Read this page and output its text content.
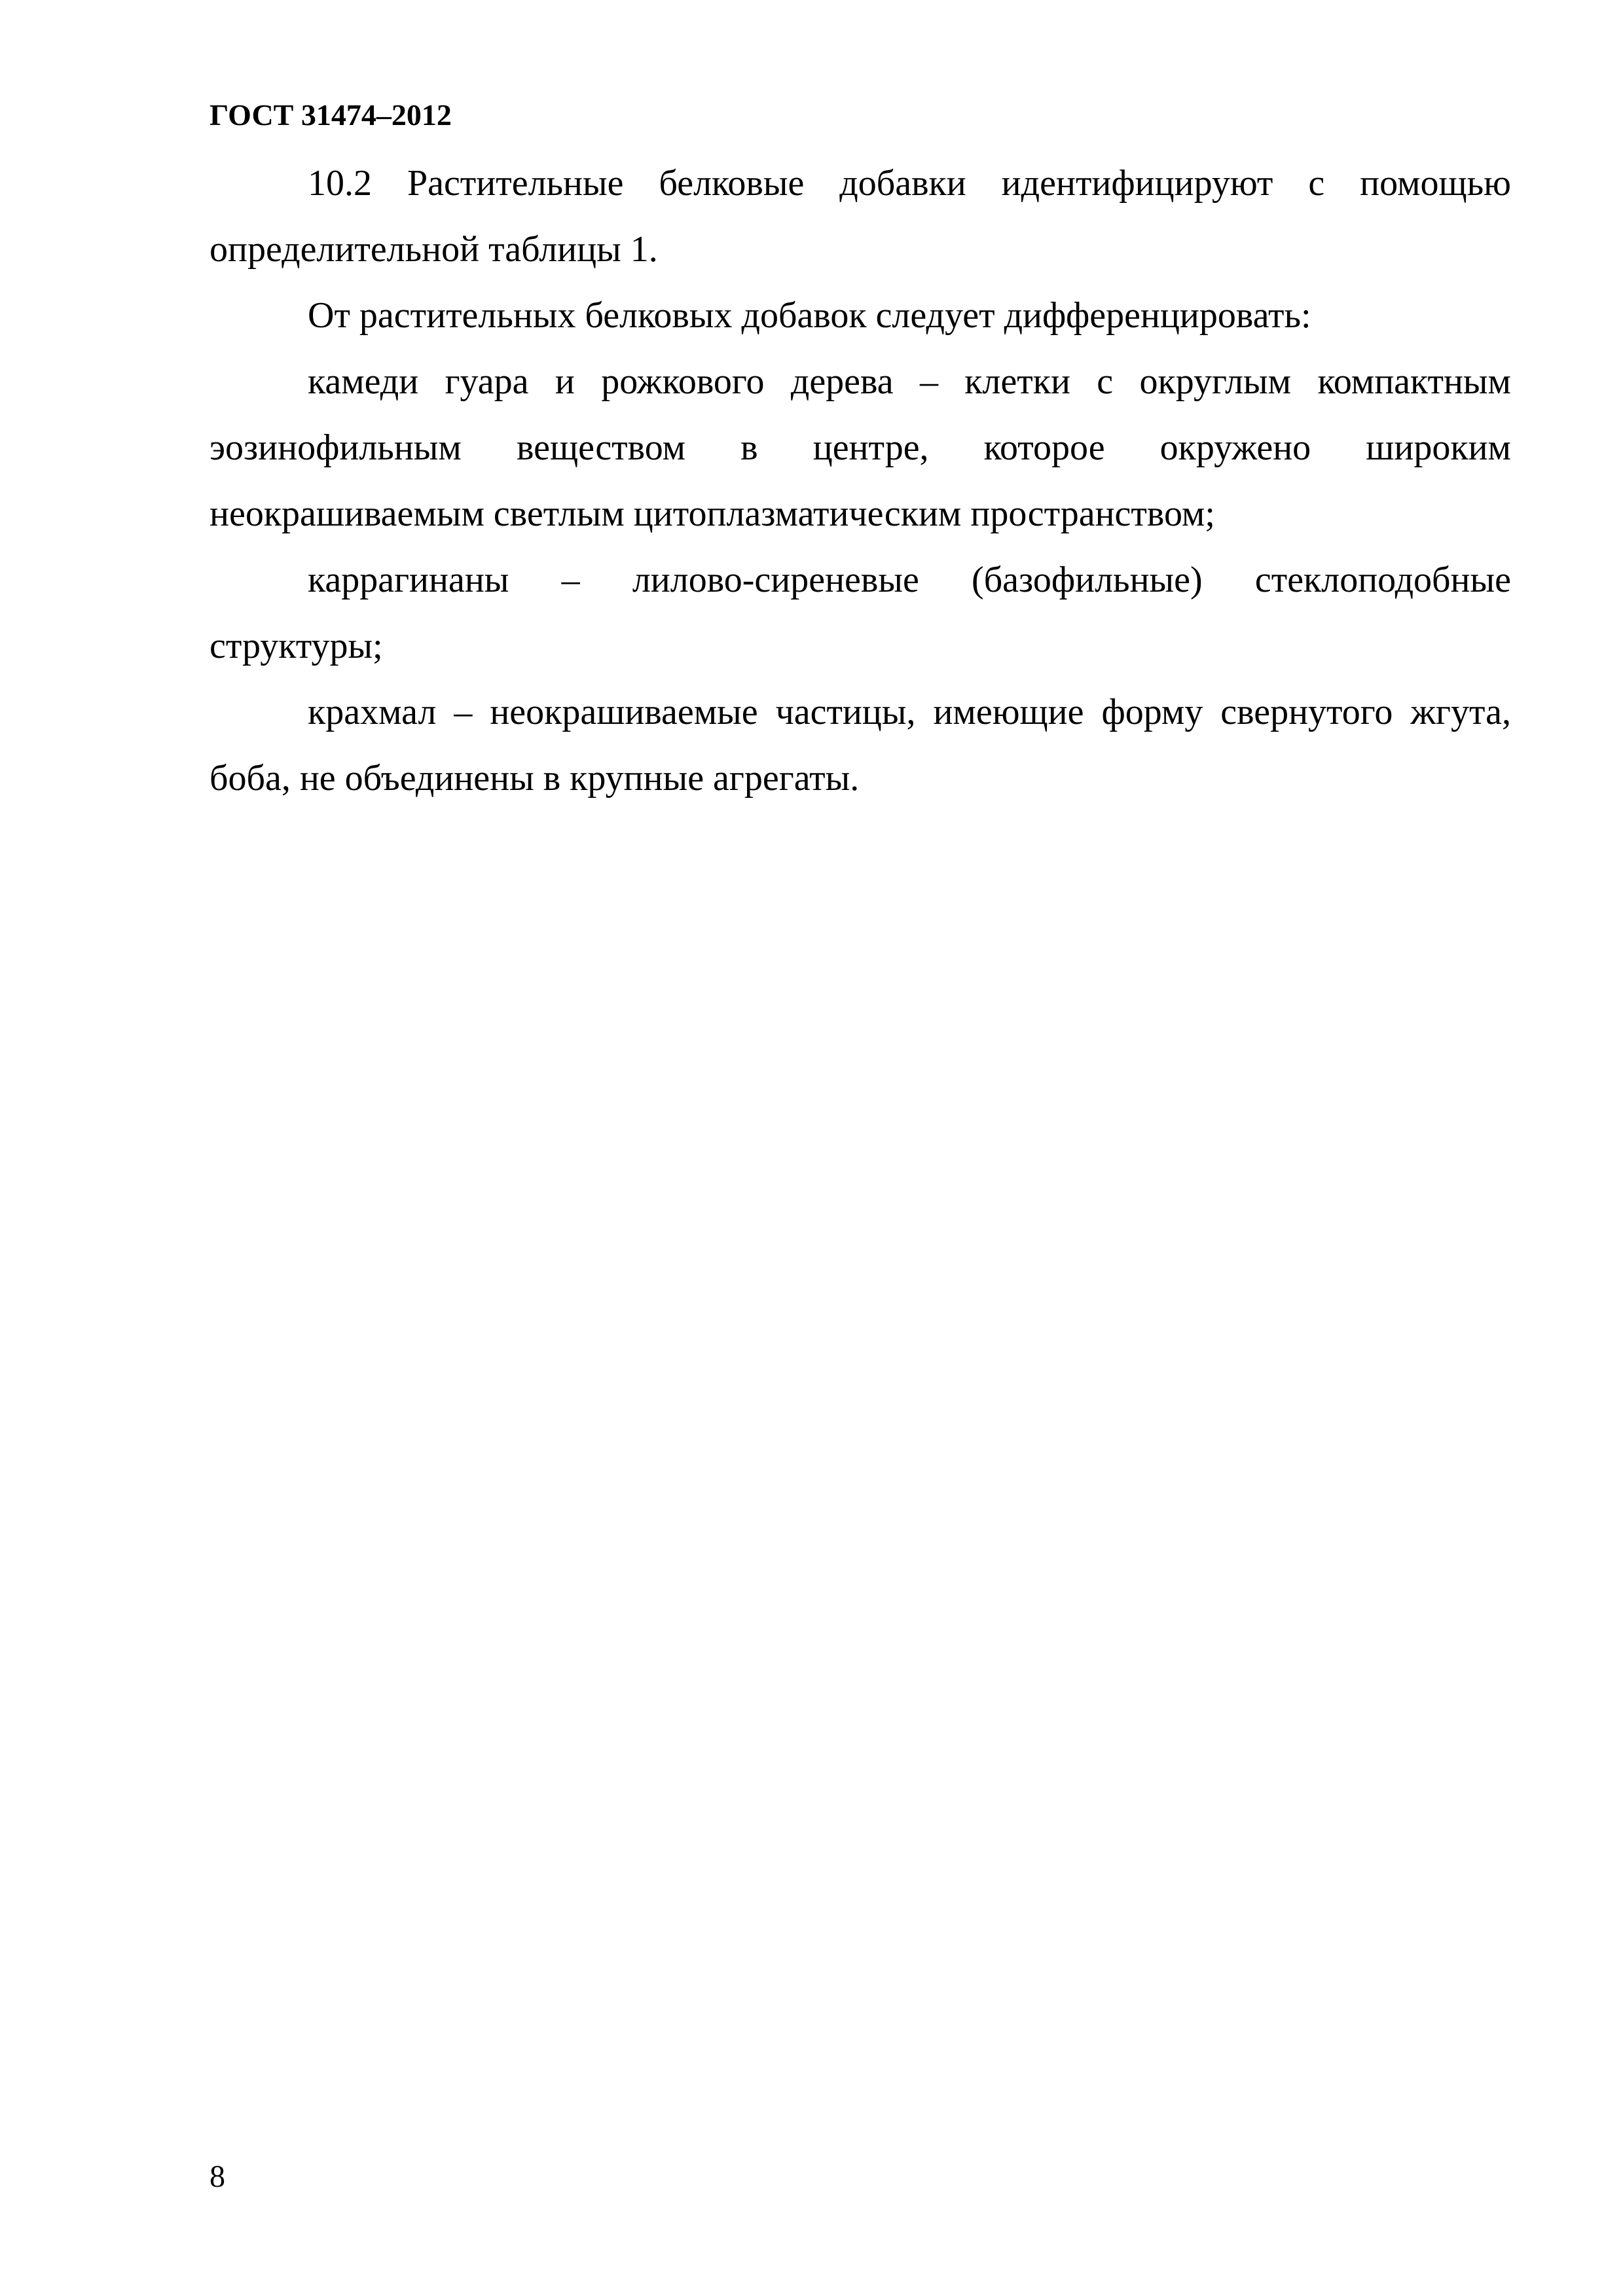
ГОСТ 31474–2012

10.2 Растительные белковые добавки идентифицируют с помощью определительной таблицы 1.

От растительных белковых добавок следует дифференцировать:

камеди гуара и рожкового дерева – клетки с округлым компактным эозинофильным веществом в центре, которое окружено широким неокрашиваемым светлым цитоплазматическим пространством;

каррагинаны – лилово-сиреневые (базофильные) стеклоподобные структуры;

крахмал – неокрашиваемые частицы, имеющие форму свернутого жгута, боба, не объединены в крупные агрегаты.

8
